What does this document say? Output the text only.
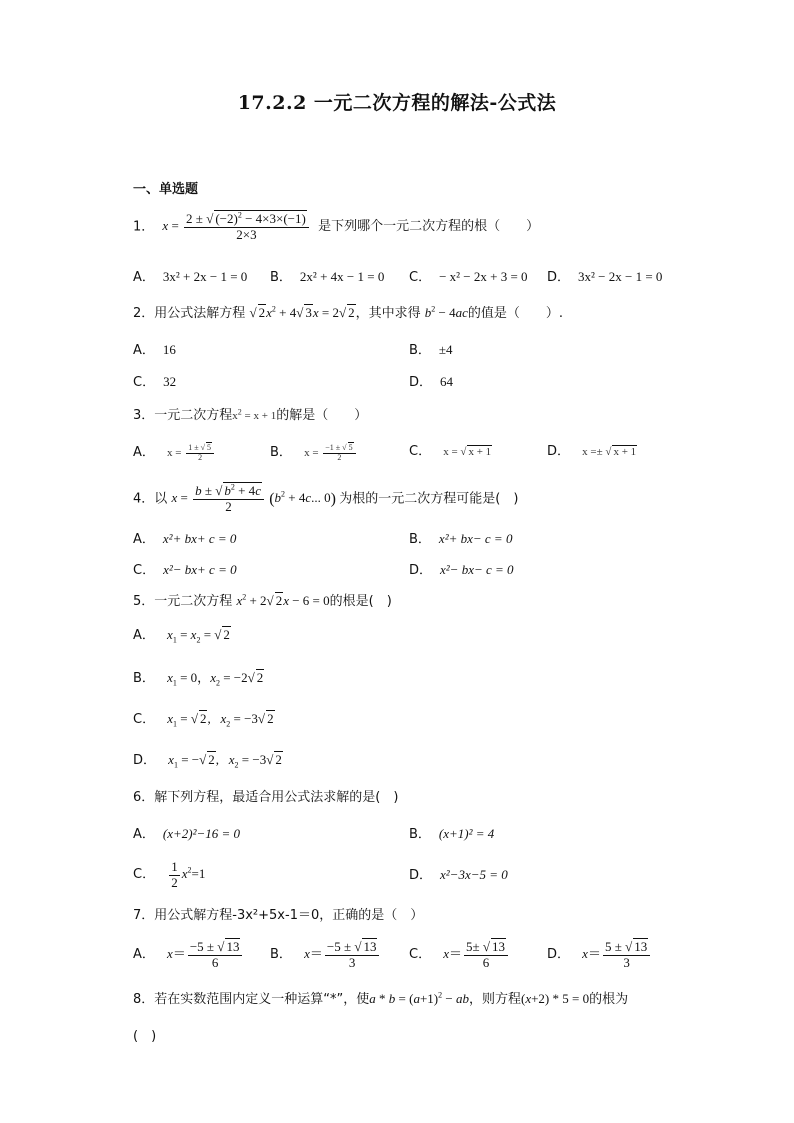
17.2.2 一元二次方程的解法-公式法
一、单选题
1． $x = \frac{2 \pm √ (-2)^2 - 4\times 3\times(-1)}{2\times 3}$ 是下列哪个一元二次方程的根（　　）
A． 3x² + 2x − 1 = 0 B． 2x² + 4x − 1 = 0 C． − x² − 2x + 3 = 0 D． 3x² − 2x − 1 = 0
2．用公式法解方程 √ $2x^2 + 4√$ 3x = 2√ 2，其中求得 $b^2 - 4ac$的值是（　　）.
A． 16	B． ±4
C． 32	D． 64
3．一元二次方程$x^2 = x + 1$的解是（　　）
A． $x = \frac{1 \pm √ 5}{2}$	B． $x = \frac{-1 \pm √ 5}{2}$	C． x = √ x + 1	D． x =± √ x + 1
4．以 $x = \frac{b \pm √ b^2 + 4c}{2} (b^2 + 4c$... 0) 为根的一元二次方程可能是(　)
A． x²+ bx+ c = 0	B． x²+ bx− c = 0
C． x²− bx+ c = 0	D． x²− bx− c = 0
5．一元二次方程 $x^2 + 2√$ 2x − 6 = 0的根是(　)
A． $x_1 = x_2$ = √ 2
B． $x_1 = 0$，$x_2 = -2√$ 2
C． $x_1$ = √ 2,   $x_2 = -3√$ 2
D． $x_1$ = −√ 2,   $x_2 = -3√$ 2
6．解下列方程，最适合用公式法求解的是(　)
A． (x+2)²−16 = 0	B． (x+1)² = 4
C． $\frac{1}{2} x^2=1$	D． x²−3x−5 = 0
7．用公式解方程-3x²+5x-1＝0，正确的是（　）
A． $x= \frac{-5 \pm √ 13}{6}$ B． $x= \frac{-5 \pm √ 13}{3}$ C． $x= \frac{5\pm √ 13}{6}$	D． $x= \frac{5 \pm √ 13}{3}$
8．若在实数范围内定义一种运算“*”，使$a * b = (a+1)^2$ − ab，则方程(x+2) * 5 = 0的根为
(　)
